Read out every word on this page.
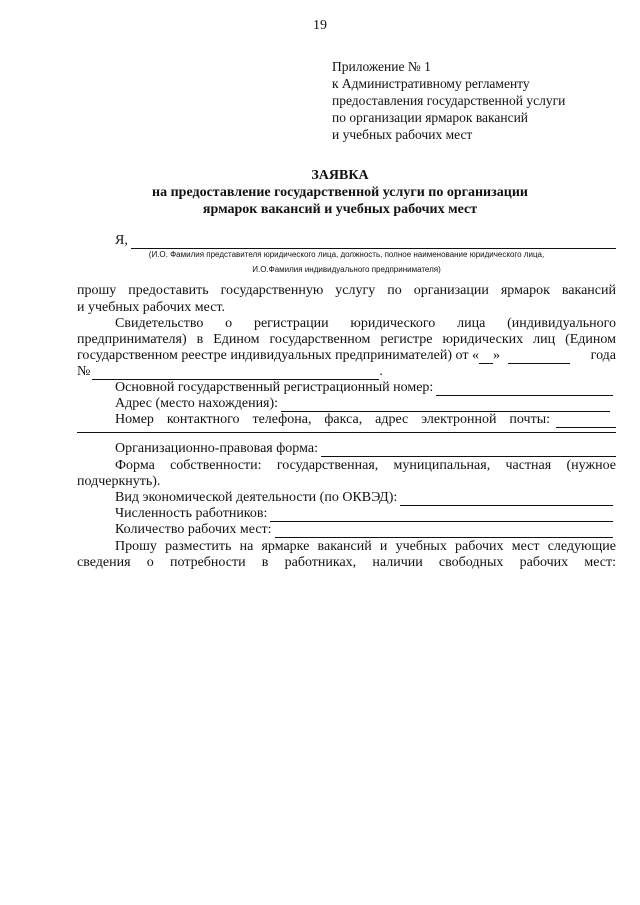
19
Приложение № 1
к Административному регламенту
предоставления государственной услуги
по организации ярмарок вакансий
и учебных рабочих мест
ЗАЯВКА
на предоставление государственной услуги по организации
ярмарок вакансий и учебных рабочих мест
Я,
(И.О. Фамилия представителя юридического лица, должность, полное наименование юридического лица,
И.О.Фамилия индивидуального предпринимателя)
прошу предоставить государственную услугу по организации ярмарок вакансий
и учебных рабочих мест.
Свидетельство о регистрации юридического лица (индивидуального
предпринимателя) в Едином государственном регистре юридических лиц (Едином
государственном реестре индивидуальных предпринимателей) от « »	года
№	.
Основной государственный регистрационный номер:
Адрес (место нахождения):
Номер контактного телефона, факса, адрес электронной почты:
Организационно-правовая форма:
Форма собственности: государственная, муниципальная, частная (нужное
подчеркнуть).
Вид экономической деятельности (по ОКВЭД):
Численность работников:
Количество рабочих мест:
Прошу разместить на ярмарке вакансий и учебных рабочих мест следующие
сведения о потребности в работниках, наличии свободных рабочих мест:
